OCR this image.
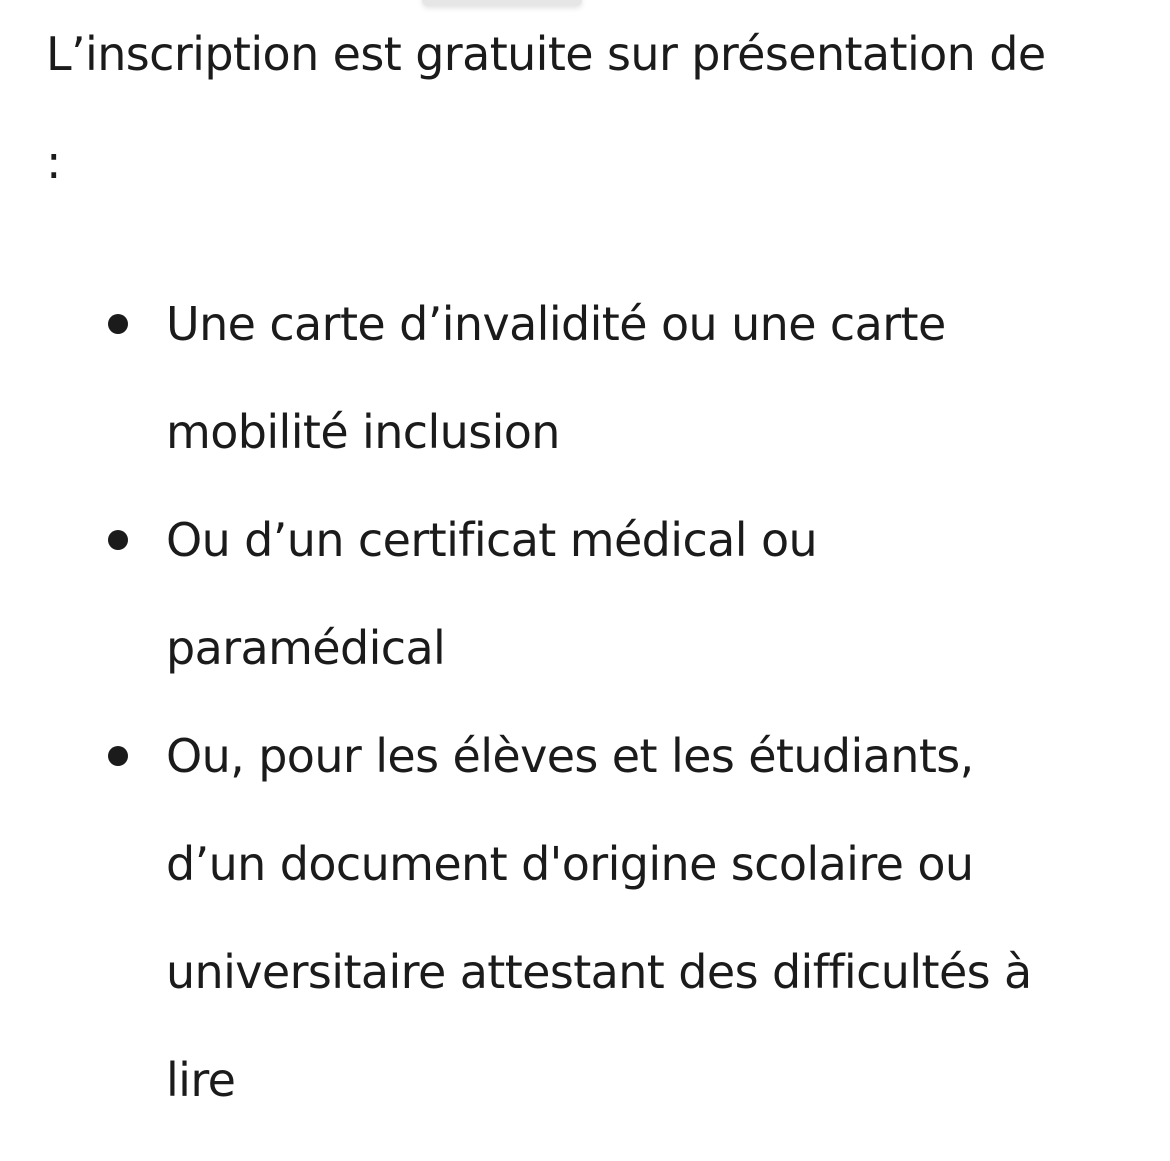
L’inscription est gratuite sur présentation de
:

Une carte d’invalidité ou une carte
mobilité inclusion
Ou d’un certificat médical ou
paramédical
Ou, pour les élèves et les étudiants,
d’un document d'origine scolaire ou
universitaire attestant des difficultés à
lire
